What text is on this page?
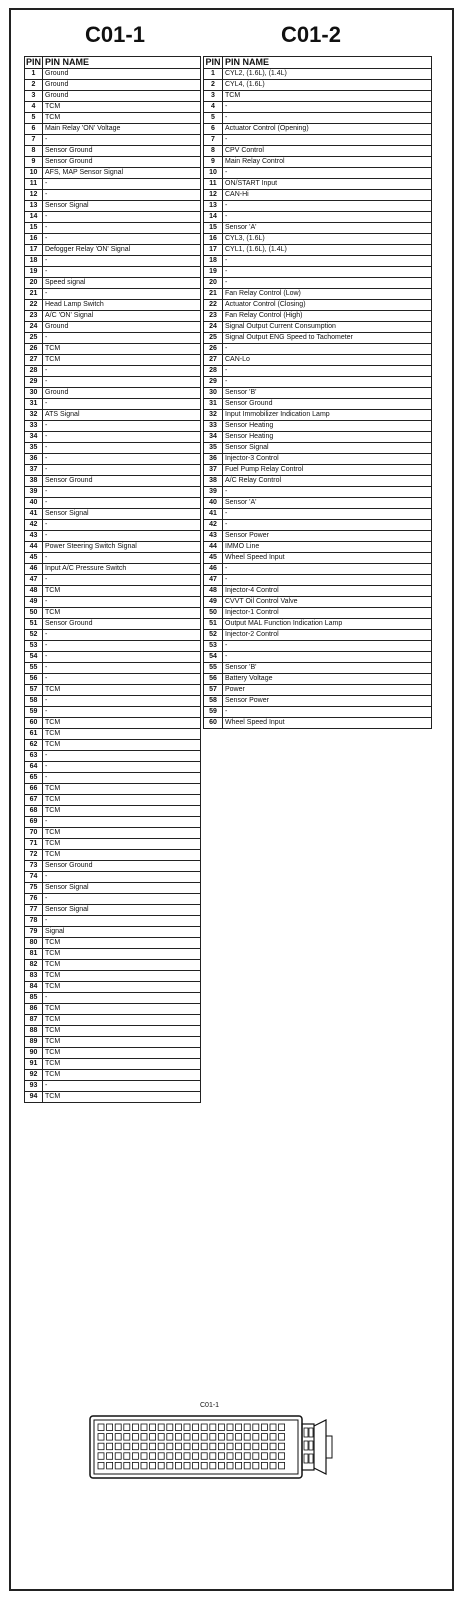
C01-1	C01-2
PIN	PIN NAME
1	Ground
2	Ground
3	Ground
4	TCM
5	TCM
6	Main Relay 'ON' Voltage
7	-
8	Sensor Ground
9	Sensor Ground
10	AFS, MAP Sensor Signal
11	-
12	-
13	Sensor Signal
14	-
15	-
16	-
17	Defogger Relay 'ON' Signal
18	-
19	-
20	Speed signal
21	-
22	Head Lamp Switch
23	A/C 'ON' Signal
24	Ground
25	-
26	TCM
27	TCM
28	-
29	-
30	Ground
31	-
32	ATS Signal
33	-
34	-
35	-
36	-
37	-
38	Sensor Ground
39	-
40	-
41	Sensor Signal
42	-
43	-
44	Power Steering Switch Signal
45	-
46	Input A/C Pressure Switch
47	-
48	TCM
49	-
50	TCM
51	Sensor Ground
52	-
53	-
54	-
55	-
56	-
57	TCM
58	-
59	-
60	TCM
61	TCM
62	TCM
63	-
64	-
65	-
66	TCM
67	TCM
68	TCM
69	-
70	TCM
71	TCM
72	TCM
73	Sensor Ground
74	-
75	Sensor Signal
76	-
77	Sensor Signal
78	-
79	Signal
80	TCM
81	TCM
82	TCM
83	TCM
84	TCM
85	-
86	TCM
87	TCM
88	TCM
89	TCM
90	TCM
91	TCM
92	TCM
93	-
94	TCM
PIN	PIN NAME
1	CYL2, (1.6L), (1.4L)
2	CYL4, (1.6L)
3	TCM
4	-
5	-
6	Actuator Control (Opening)
7	-
8	CPV Control
9	Main Relay Control
10	-
11	ON/START Input
12	CAN-Hi
13	-
14	-
15	Sensor 'A'
16	CYL3, (1.6L)
17	CYL1, (1.6L), (1.4L)
18	-
19	-
20	-
21	Fan Relay Control (Low)
22	Actuator Control (Closing)
23	Fan Relay Control (High)
24	Signal Output Current Consumption
25	Signal Output ENG Speed to Tachometer
26	-
27	CAN-Lo
28	-
29	-
30	Sensor 'B'
31	Sensor Ground
32	Input Immobilizer Indication Lamp
33	Sensor Heating
34	Sensor Heating
35	Sensor Signal
36	Injector-3 Control
37	Fuel Pump Relay Control
38	A/C Relay Control
39	-
40	Sensor 'A'
41	-
42	-
43	Sensor Power
44	IMMO Line
45	Wheel Speed Input
46	-
47	-
48	Injector-4 Control
49	CVVT Oil Control Valve
50	Injector-1 Control
51	Output MAL Function Indication Lamp
52	Injector-2 Control
53	-
54	-
55	Sensor 'B'
56	Battery Voltage
57	Power
58	Sensor Power
59	-
60	Wheel Speed Input
C01-1
